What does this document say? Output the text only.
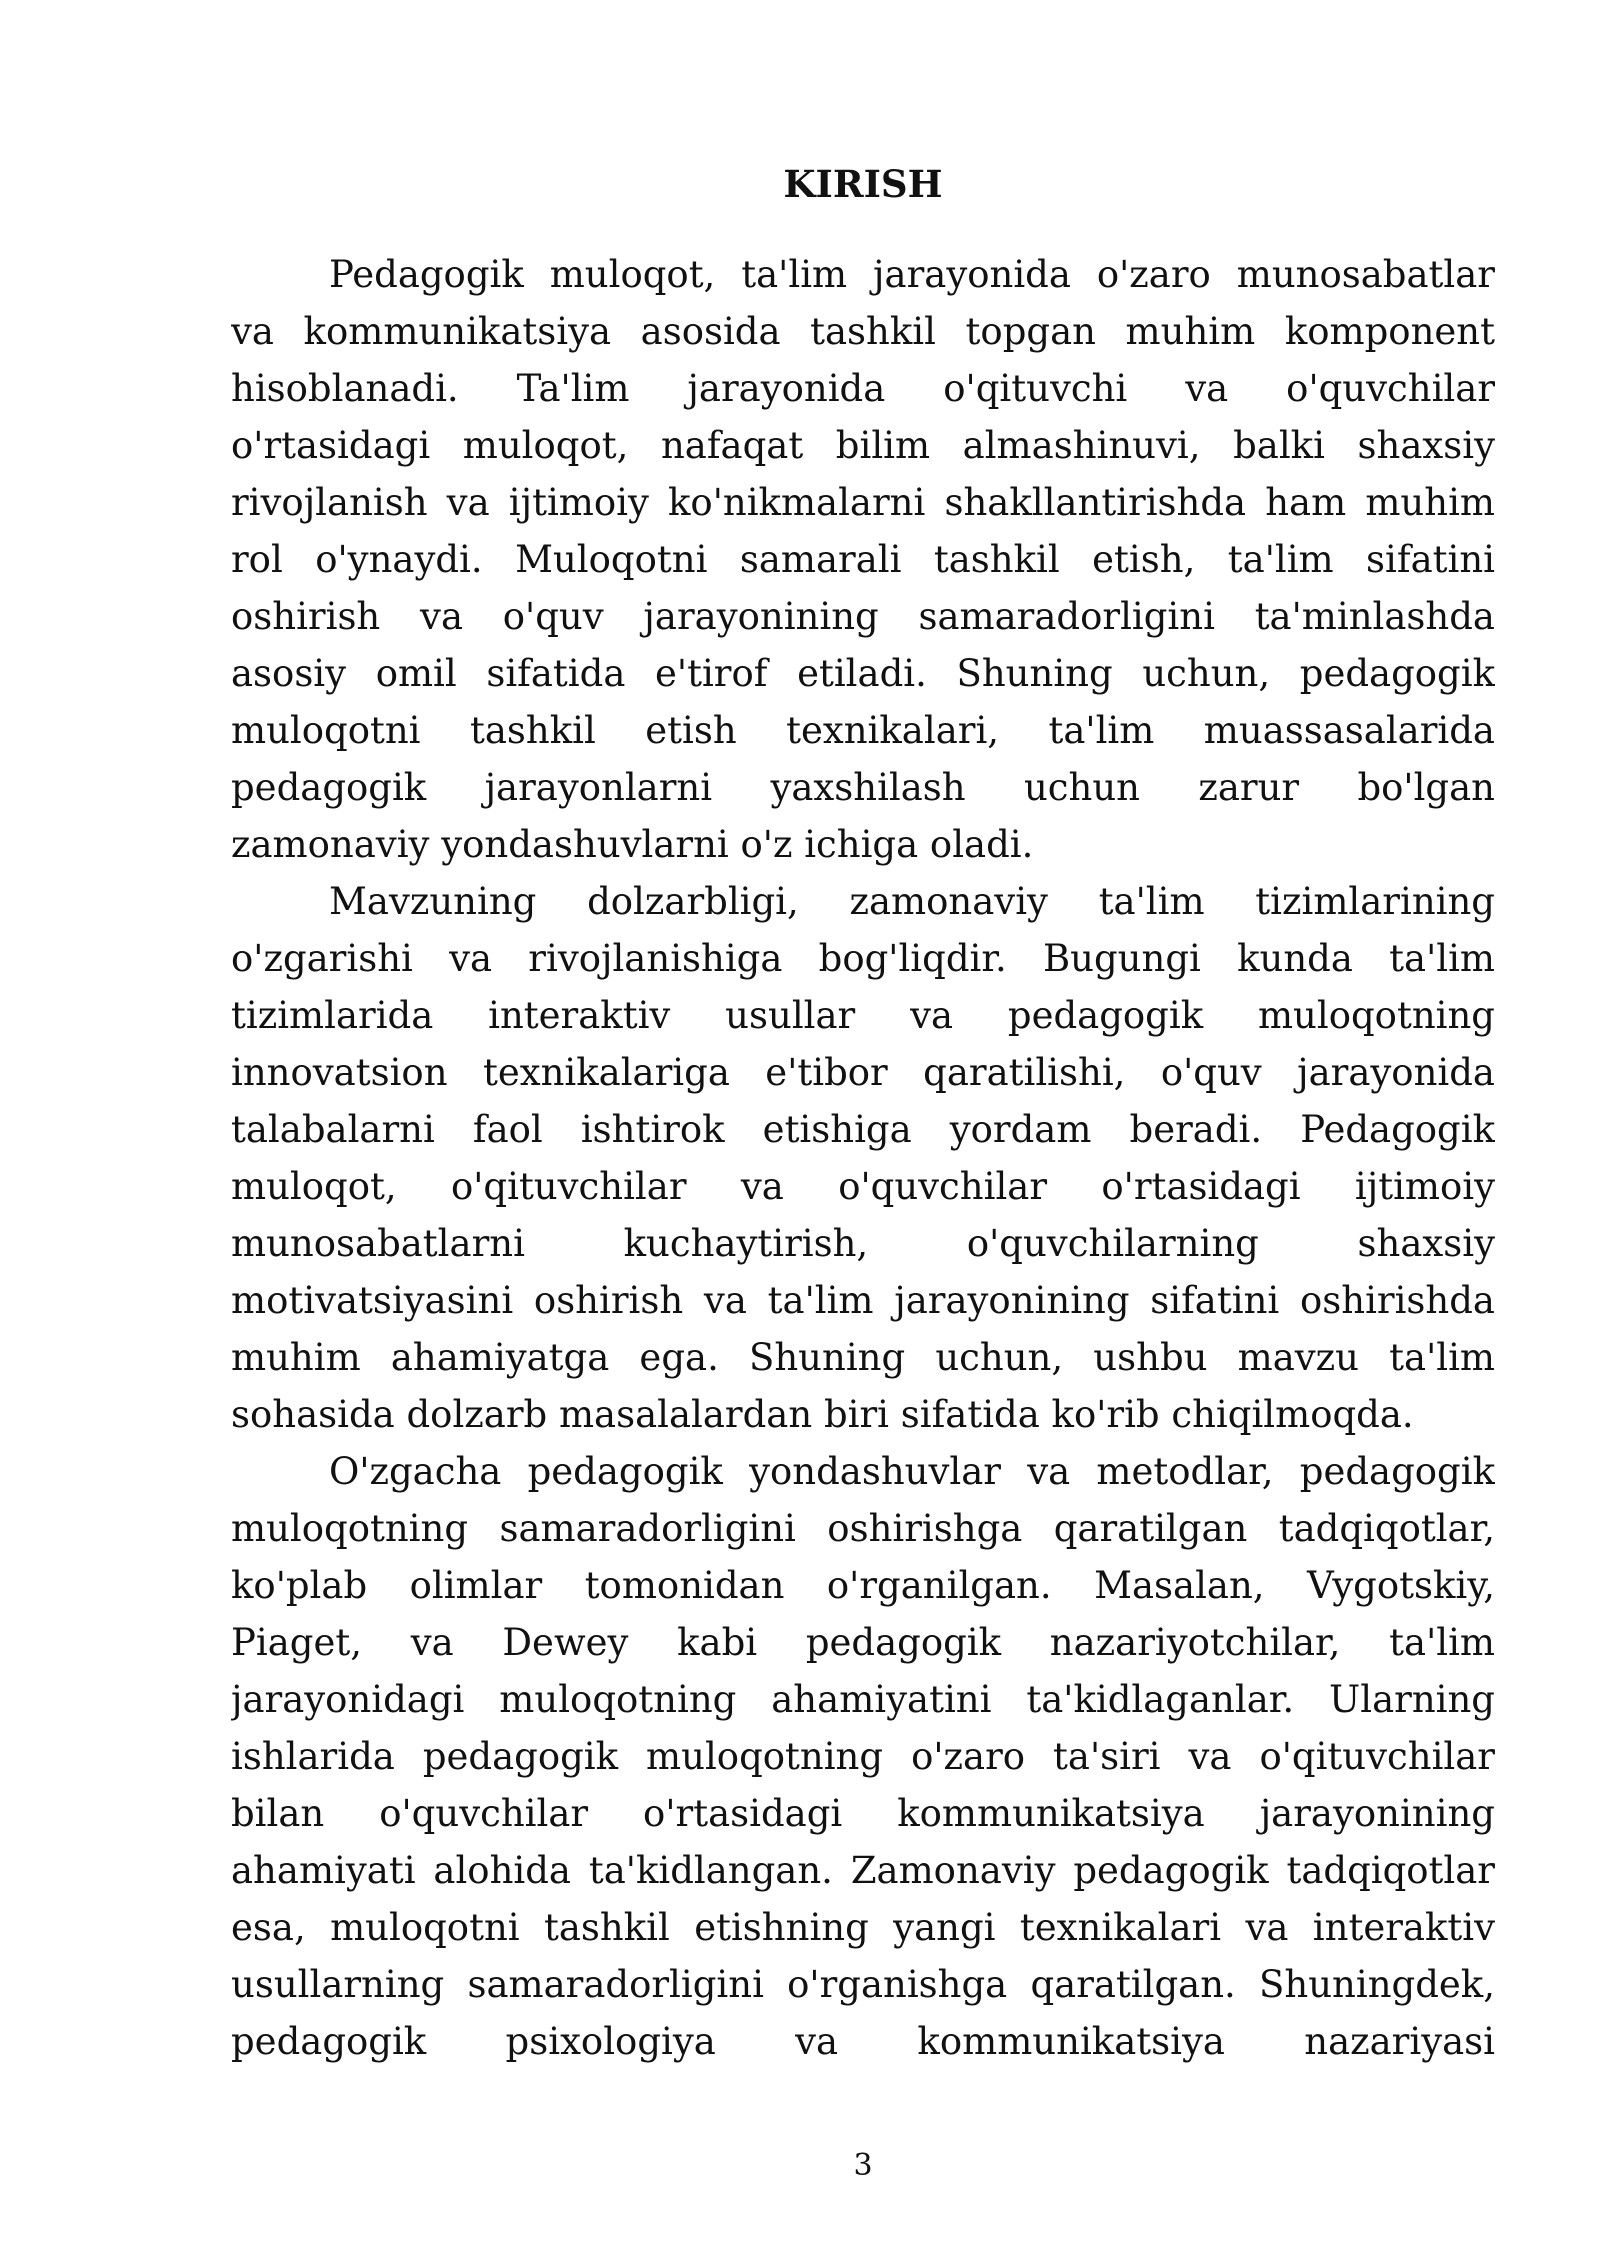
KIRISH
Pedagogik muloqot, ta'lim jarayonida o'zaro munosabatlar
va kommunikatsiya asosida tashkil topgan muhim komponent
hisoblanadi. Ta'lim jarayonida o'qituvchi va o'quvchilar
o'rtasidagi muloqot, nafaqat bilim almashinuvi, balki shaxsiy
rivojlanish va ijtimoiy ko'nikmalarni shakllantirishda ham muhim
rol o'ynaydi. Muloqotni samarali tashkil etish, ta'lim sifatini
oshirish va o'quv jarayonining samaradorligini ta'minlashda
asosiy omil sifatida e'tirof etiladi. Shuning uchun, pedagogik
muloqotni tashkil etish texnikalari, ta'lim muassasalarida
pedagogik jarayonlarni yaxshilash uchun zarur bo'lgan
zamonaviy yondashuvlarni o'z ichiga oladi.
Mavzuning dolzarbligi, zamonaviy ta'lim tizimlarining
o'zgarishi va rivojlanishiga bog'liqdir. Bugungi kunda ta'lim
tizimlarida interaktiv usullar va pedagogik muloqotning
innovatsion texnikalariga e'tibor qaratilishi, o'quv jarayonida
talabalarni faol ishtirok etishiga yordam beradi. Pedagogik
muloqot, o'qituvchilar va o'quvchilar o'rtasidagi ijtimoiy
munosabatlarni kuchaytirish, o'quvchilarning shaxsiy
motivatsiyasini oshirish va ta'lim jarayonining sifatini oshirishda
muhim ahamiyatga ega. Shuning uchun, ushbu mavzu ta'lim
sohasida dolzarb masalalardan biri sifatida ko'rib chiqilmoqda.
O'zgacha pedagogik yondashuvlar va metodlar, pedagogik
muloqotning samaradorligini oshirishga qaratilgan tadqiqotlar,
ko'plab olimlar tomonidan o'rganilgan. Masalan, Vygotskiy,
Piaget, va Dewey kabi pedagogik nazariyotchilar, ta'lim
jarayonidagi muloqotning ahamiyatini ta'kidlaganlar. Ularning
ishlarida pedagogik muloqotning o'zaro ta'siri va o'qituvchilar
bilan o'quvchilar o'rtasidagi kommunikatsiya jarayonining
ahamiyati alohida ta'kidlangan. Zamonaviy pedagogik tadqiqotlar
esa, muloqotni tashkil etishning yangi texnikalari va interaktiv
usullarning samaradorligini o'rganishga qaratilgan. Shuningdek,
pedagogik psixologiya va kommunikatsiya nazariyasi
3
